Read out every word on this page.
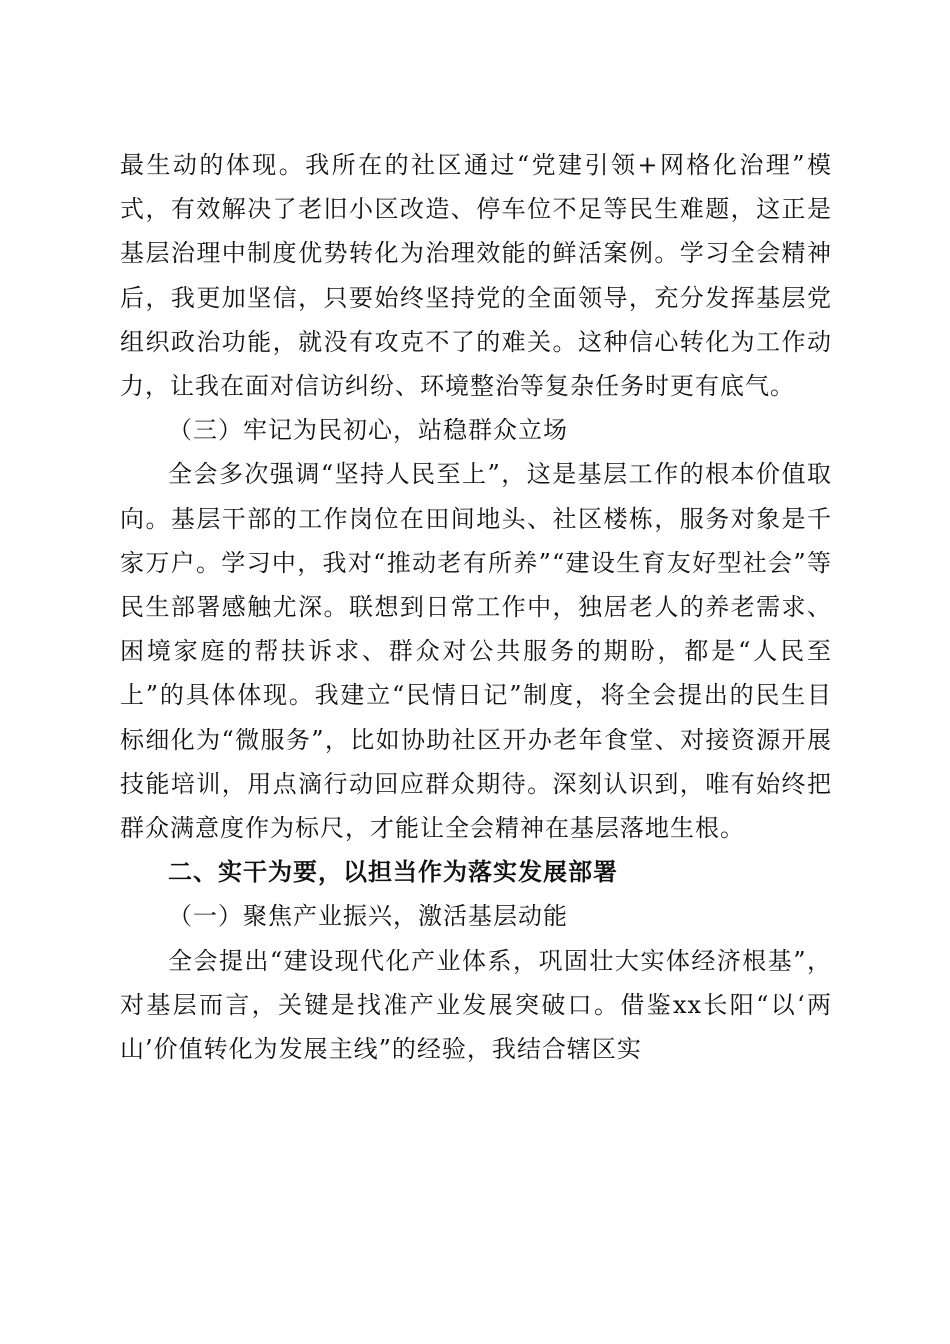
最生动的体现。我所在的社区通过“党建引领+网格化治理”模式，有效解决了老旧小区改造、停车位不足等民生难题，这正是基层治理中制度优势转化为治理效能的鲜活案例。学习全会精神后，我更加坚信，只要始终坚持党的全面领导，充分发挥基层党组织政治功能，就没有攻克不了的难关。这种信心转化为工作动力，让我在面对信访纠纷、环境整治等复杂任务时更有底气。

（三）牢记为民初心，站稳群众立场

全会多次强调“坚持人民至上”，这是基层工作的根本价值取向。基层干部的工作岗位在田间地头、社区楼栋，服务对象是千家万户。学习中，我对“推动老有所养”“建设生育友好型社会”等民生部署感触尤深。联想到日常工作中，独居老人的养老需求、困境家庭的帮扶诉求、群众对公共服务的期盼，都是“人民至上”的具体体现。我建立“民情日记”制度，将全会提出的民生目标细化为“微服务”，比如协助社区开办老年食堂、对接资源开展技能培训，用点滴行动回应群众期待。深刻认识到，唯有始终把群众满意度作为标尺，才能让全会精神在基层落地生根。

二、实干为要，以担当作为落实发展部署

（一）聚焦产业振兴，激活基层动能

全会提出“建设现代化产业体系，巩固壮大实体经济根基”，对基层而言，关键是找准产业发展突破口。借鉴xx长阳“以‘两山’价值转化为发展主线”的经验，我结合辖区实
